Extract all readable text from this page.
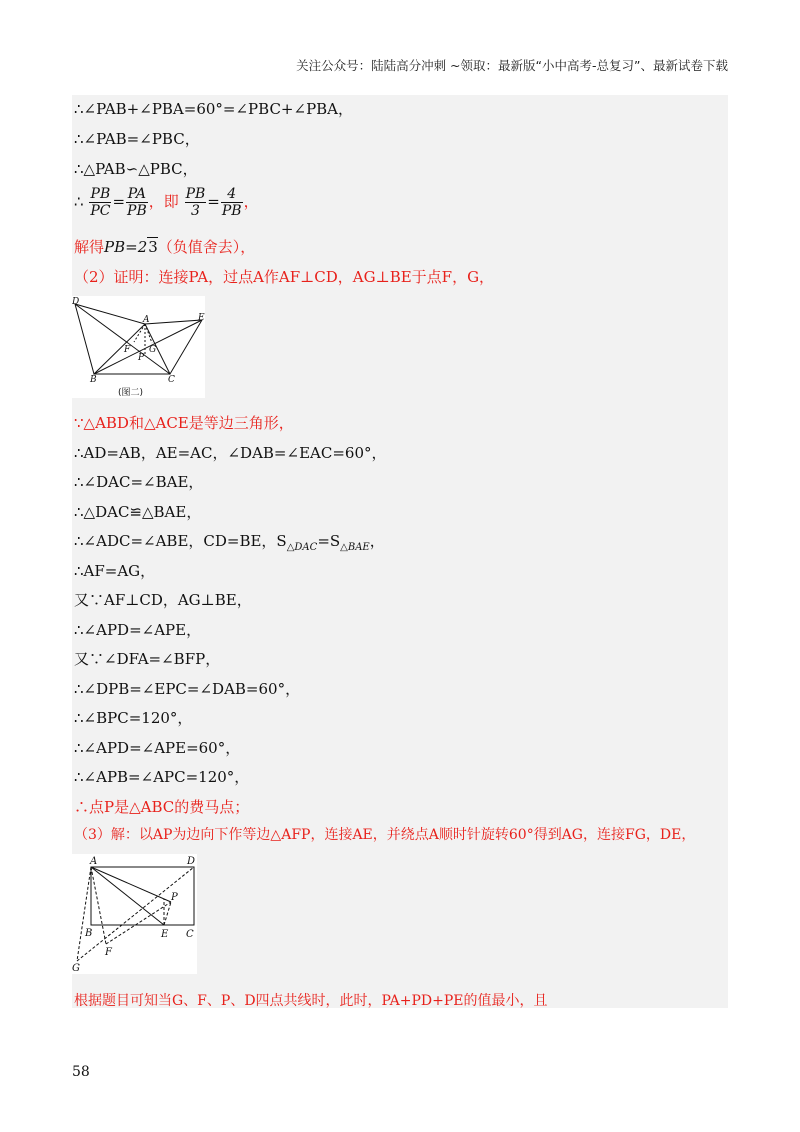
关注公众号：陆陆高分冲刺 ~领取：最新版“小中高考-总复习”、最新试卷下载
∴∠PAB+∠PBA=60°=∠PBC+∠PBA，
∴∠PAB=∠PBC，
∴△PAB∽△PBC，
∴ $\frac{PB}{PC} = \frac{PA}{PB}$ ，即 $\frac{PB}{3} = \frac{4}{PB}$ ，
解得PB=23（负值舍去），
（2）证明：连接PA，过点A作AF⊥CD，AG⊥BE于点F，G，
D
A	E
F
P
G
B	C
(图二)
∵△ABD和△ACE是等边三角形，
∴AD=AB，AE=AC，∠DAB=∠EAC=60°，
∴∠DAC=∠BAE，
∴△DAC≌△BAE，
∴∠ADC=∠ABE，CD=BE，$S_{\triangle DAC}=S_{\triangle BAE}$，
∴AF=AG，
又∵AF⊥CD，AG⊥BE，
∴∠APD=∠APE，
又∵∠DFA=∠BFP，
∴∠DPB=∠EPC=∠DAB=60°，
∴∠BPC=120°，
∴∠APD=∠APE=60°，
∴∠APB=∠APC=120°，
∴点P是△ABC的费马点；
（3）解：以AP为边向下作等边△AFP，连接AE，并绕点A顺时针旋转60°得到AG，连接FG，DE，
A	D
P
B	E C
F
G
根据题目可知当G、F、P、D四点共线时，此时，PA+PD+PE的值最小，且
58
